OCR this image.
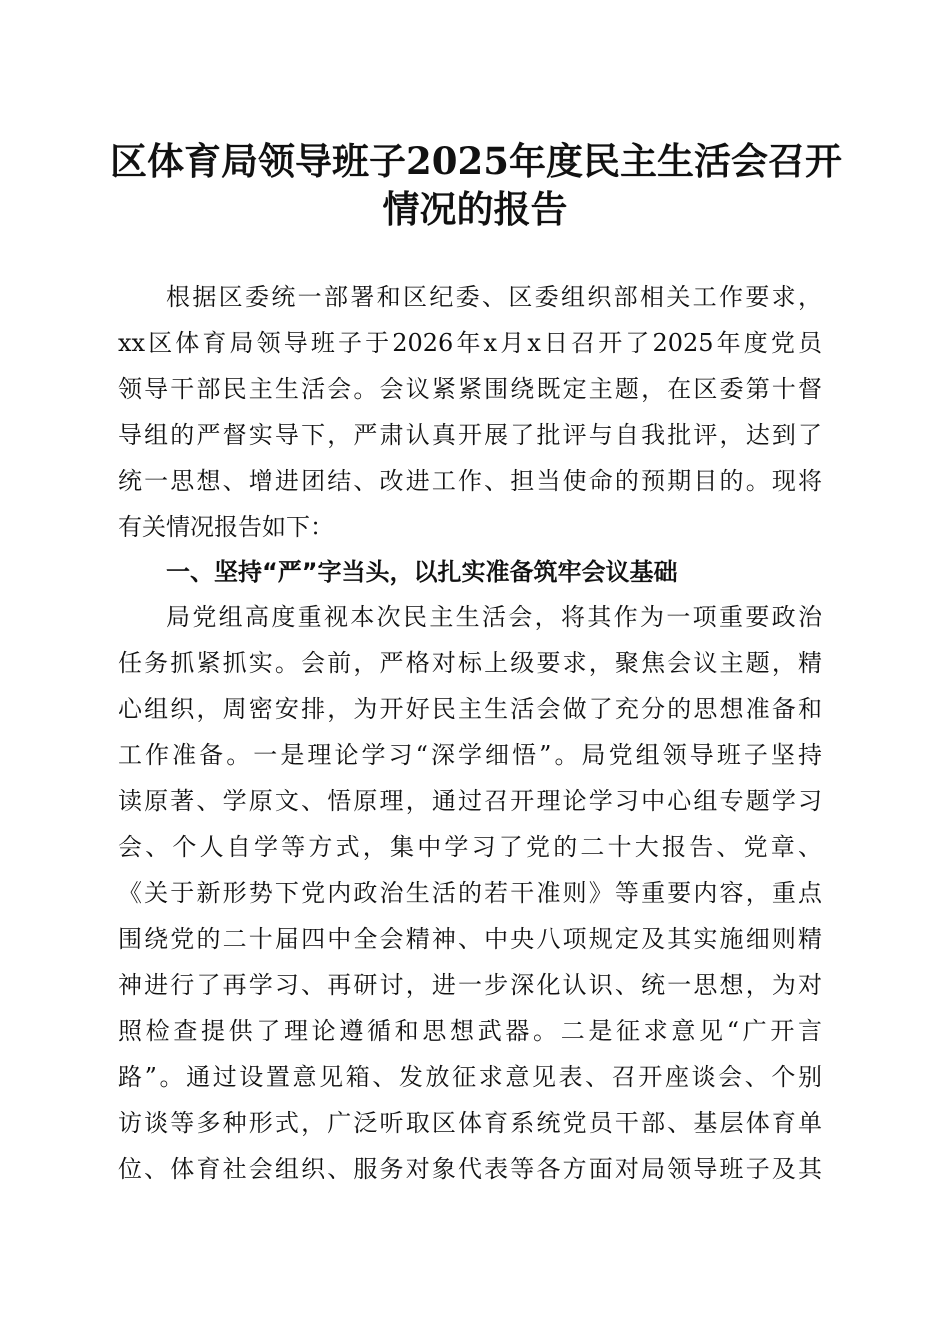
区体育局领导班子2025年度民主生活会召开
情况的报告
根据区委统一部署和区纪委、区委组织部相关工作要求，
xx区体育局领导班子于2026年x月x日召开了2025年度党员
领导干部民主生活会。会议紧紧围绕既定主题，在区委第十督
导组的严督实导下，严肃认真开展了批评与自我批评，达到了
统一思想、增进团结、改进工作、担当使命的预期目的。现将
有关情况报告如下：
一、坚持“严”字当头，以扎实准备筑牢会议基础
局党组高度重视本次民主生活会，将其作为一项重要政治
任务抓紧抓实。会前，严格对标上级要求，聚焦会议主题，精
心组织，周密安排，为开好民主生活会做了充分的思想准备和
工作准备。一是理论学习“深学细悟”。局党组领导班子坚持
读原著、学原文、悟原理，通过召开理论学习中心组专题学习
会、个人自学等方式，集中学习了党的二十大报告、党章、
《关于新形势下党内政治生活的若干准则》等重要内容，重点
围绕党的二十届四中全会精神、中央八项规定及其实施细则精
神进行了再学习、再研讨，进一步深化认识、统一思想，为对
照检查提供了理论遵循和思想武器。二是征求意见“广开言
路”。通过设置意见箱、发放征求意见表、召开座谈会、个别
访谈等多种形式，广泛听取区体育系统党员干部、基层体育单
位、体育社会组织、服务对象代表等各方面对局领导班子及其
